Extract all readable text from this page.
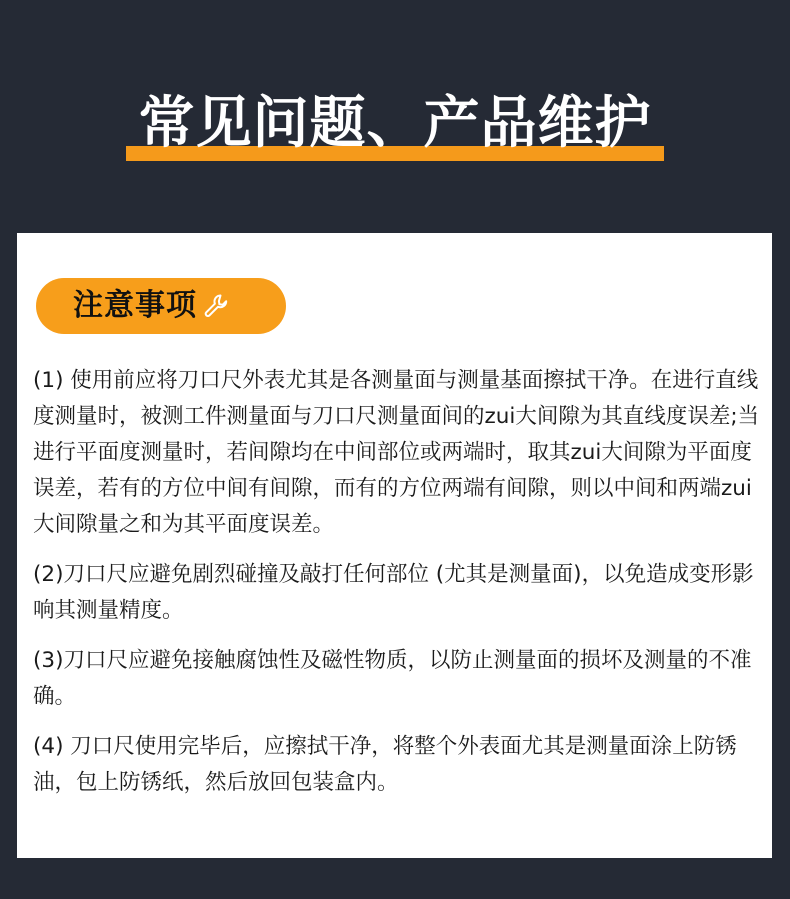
常见问题、产品维护
注意事项

(1) 使用前应将刀口尺外表尤其是各测量面与测量基面擦拭干净。在进行直线度测量时，被测工件测量面与刀口尺测量面间的zui大间隙为其直线度误差;当进行平面度测量时，若间隙均在中间部位或两端时，取其zui大间隙为平面度误差，若有的方位中间有间隙，而有的方位两端有间隙，则以中间和两端zui大间隙量之和为其平面度误差。

(2)刀口尺应避免剧烈碰撞及敲打任何部位 (尤其是测量面)，以免造成变形影响其测量精度。

(3)刀口尺应避免接触腐蚀性及磁性物质，以防止测量面的损坏及测量的不准确。

(4) 刀口尺使用完毕后，应擦拭干净，将整个外表面尤其是测量面涂上防锈油，包上防锈纸，然后放回包装盒内。
